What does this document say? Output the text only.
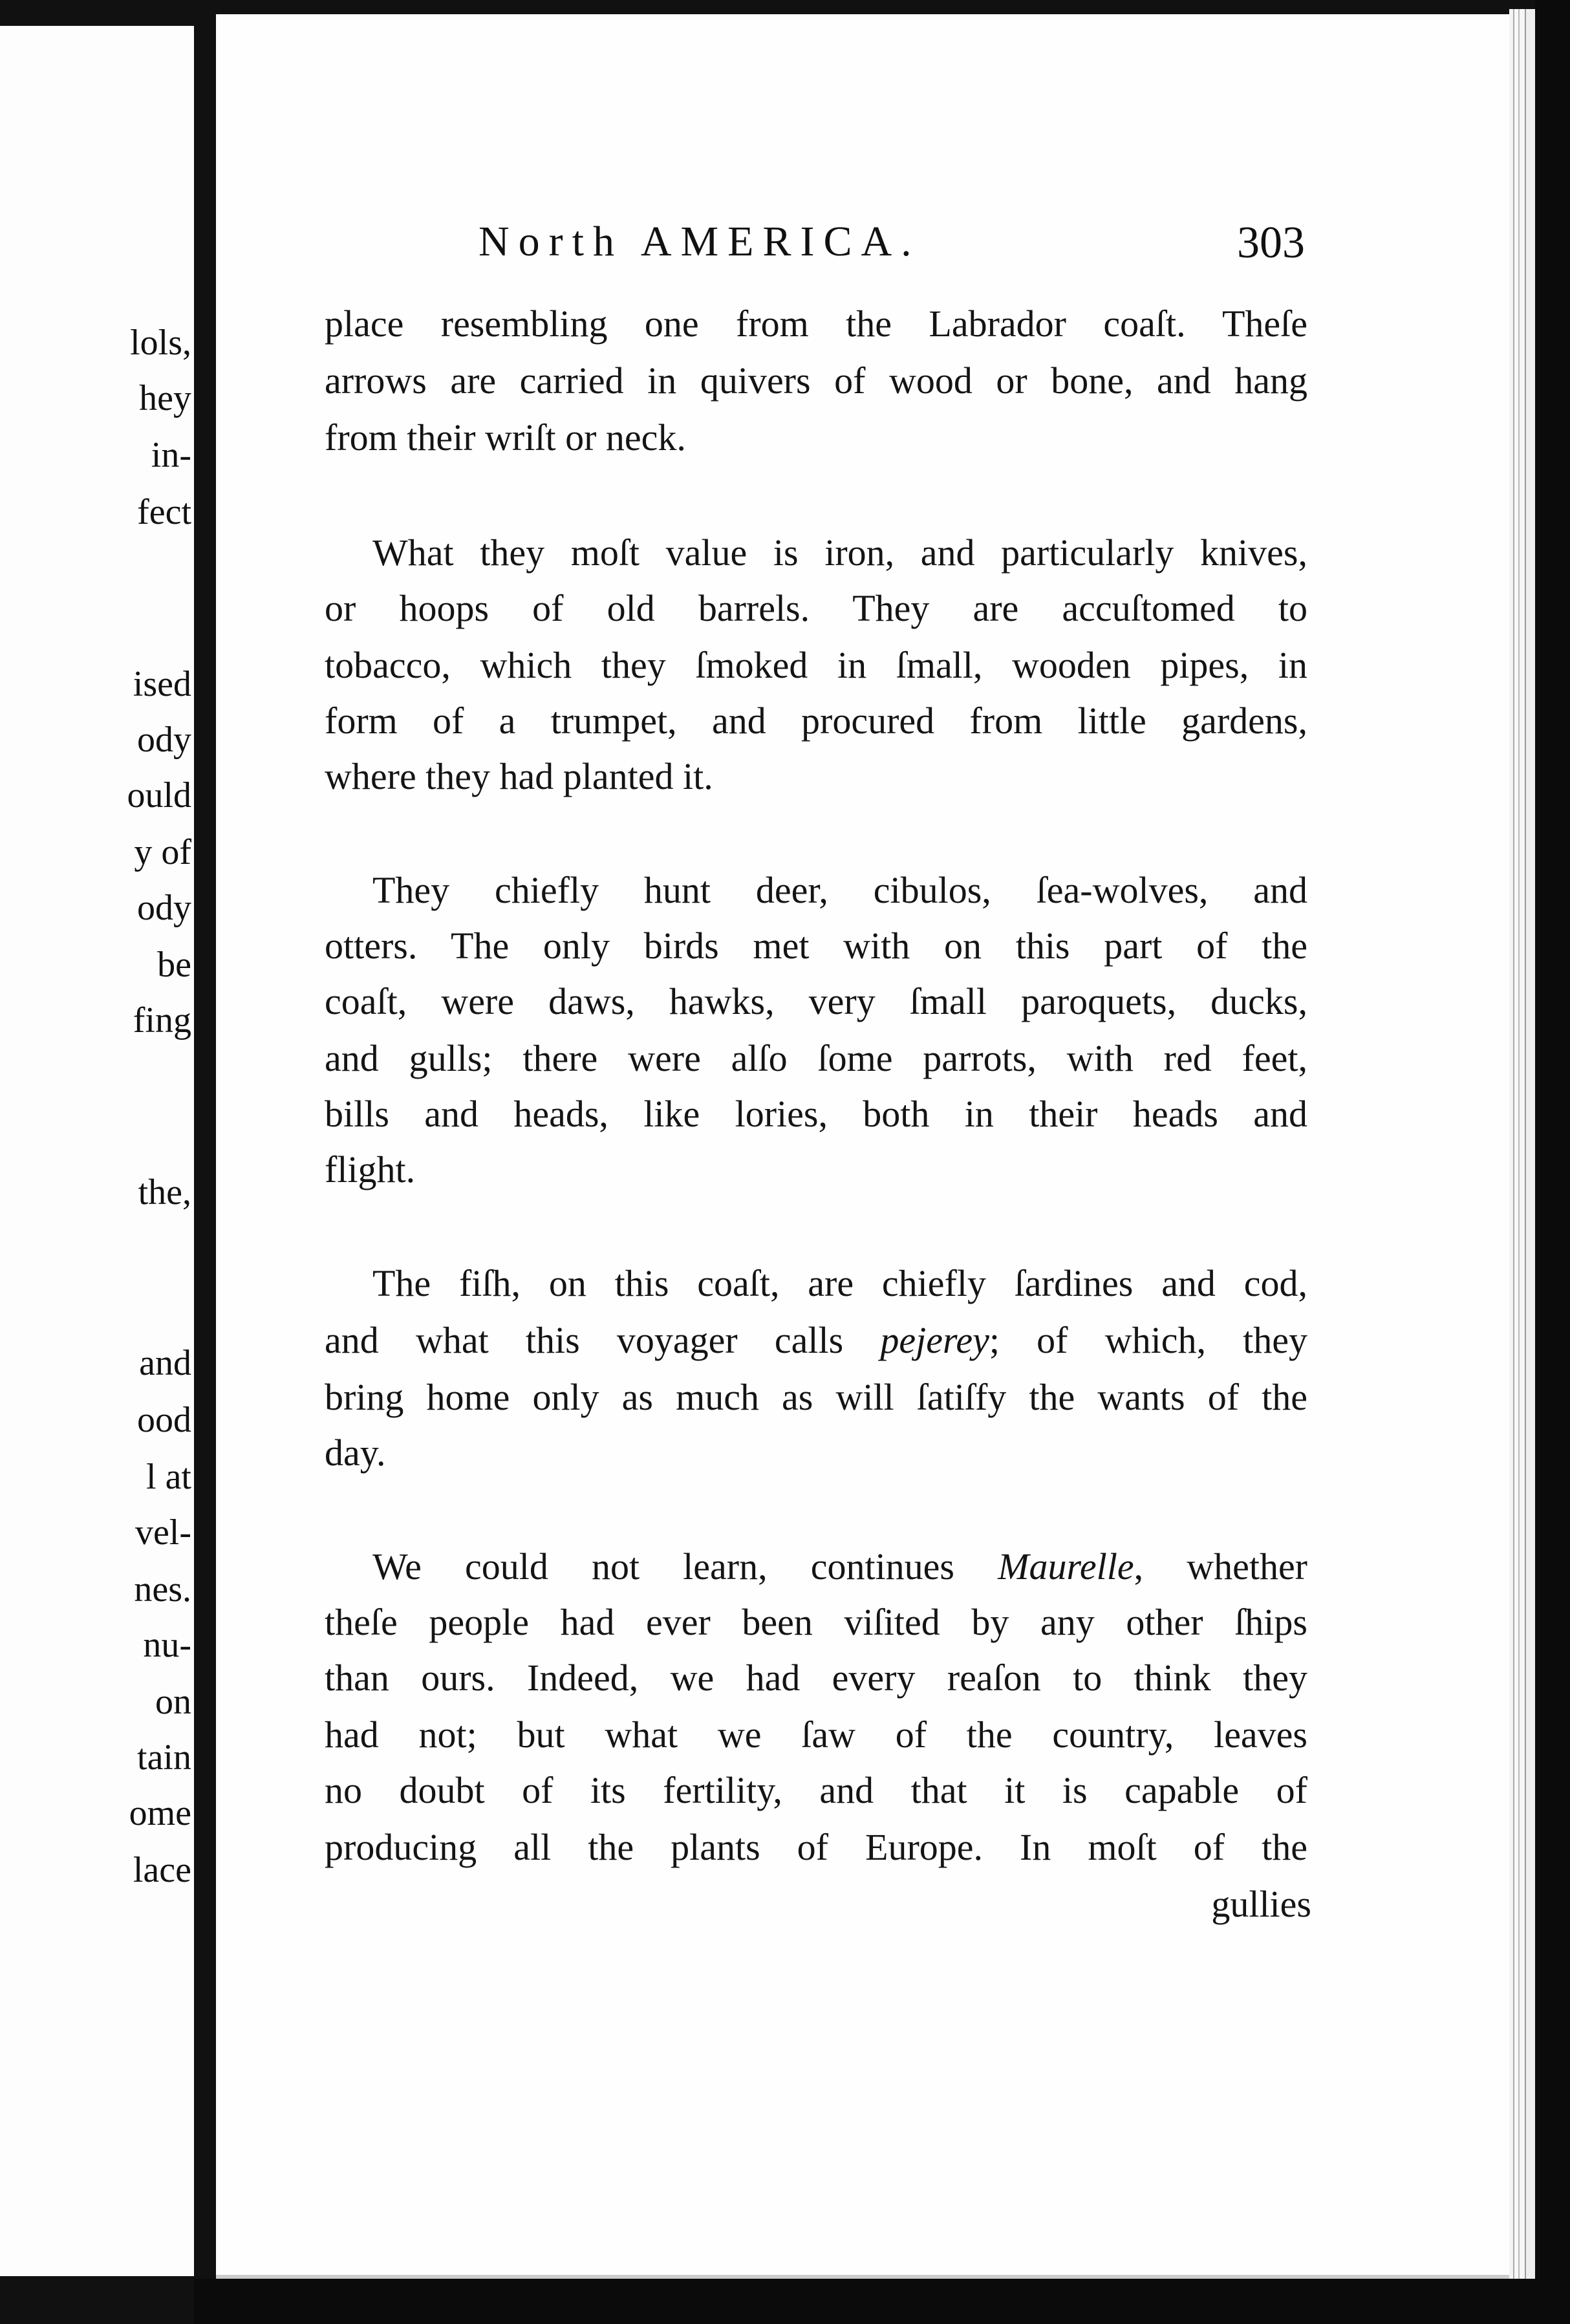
lols,
hey
in-
fect
ised
ody
ould
y of
ody
be
fing
the,
and
ood
l at
vel-
nes.
nu-
on
tain
ome
lace
North AMERICA.	303
place resembling one from the Labrador coaſt. Theſe
arrows are carried in quivers of wood or bone, and hang
from their wriſt or neck.
What they moſt value is iron, and particularly knives,
or hoops of old barrels. They are accuſtomed to
tobacco, which they ſmoked in ſmall, wooden pipes, in
form of a trumpet, and procured from little gardens,
where they had planted it.
They chiefly hunt deer, cibulos, ſea-wolves, and
otters. The only birds met with on this part of the
coaſt, were daws, hawks, very ſmall paroquets, ducks,
and gulls; there were alſo ſome parrots, with red feet,
bills and heads, like lories, both in their heads and
flight.
The fiſh, on this coaſt, are chiefly ſardines and cod,
and what this voyager calls pejerey; of which, they
bring home only as much as will ſatiſfy the wants of the
day.
We could not learn, continues Maurelle, whether
theſe people had ever been viſited by any other ſhips
than ours. Indeed, we had every reaſon to think they
had not; but what we ſaw of the country, leaves
no doubt of its fertility, and that it is capable of
producing all the plants of Europe. In moſt of the
gullies
